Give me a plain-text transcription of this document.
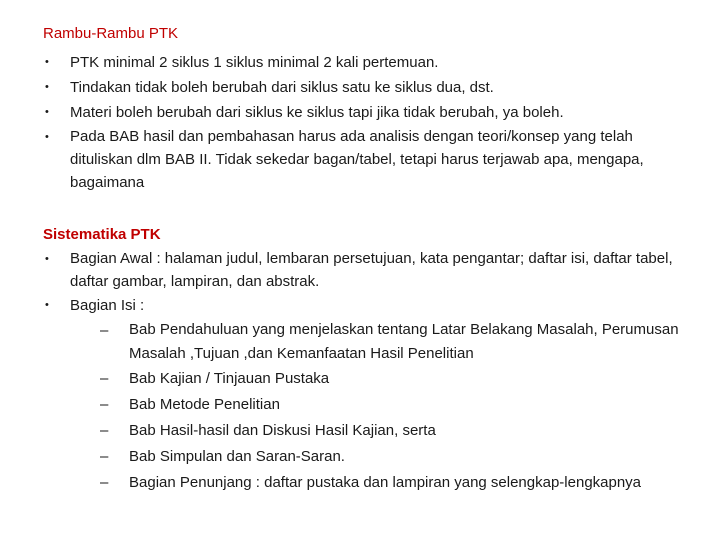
Rambu-Rambu PTK
• PTK minimal 2 siklus 1 siklus minimal 2 kali pertemuan.
• Tindakan tidak boleh berubah dari siklus satu ke siklus dua, dst.
• Materi boleh berubah dari siklus ke siklus tapi jika tidak berubah, ya boleh.
• Pada BAB hasil dan pembahasan harus ada analisis dengan teori/konsep yang telah dituliskan dlm BAB II. Tidak sekedar bagan/tabel, tetapi harus terjawab apa, mengapa, bagaimana
Sistematika PTK
• Bagian Awal : halaman judul, lembaran persetujuan, kata pengantar; daftar isi, daftar tabel, daftar gambar, lampiran, dan abstrak.
• Bagian Isi :
– Bab Pendahuluan yang menjelaskan tentang Latar Belakang Masalah, Perumusan Masalah ,Tujuan ,dan Kemanfaatan Hasil Penelitian
– Bab Kajian / Tinjauan Pustaka
– Bab Metode Penelitian
– Bab Hasil-hasil dan Diskusi Hasil Kajian, serta
– Bab Simpulan dan Saran-Saran.
– Bagian Penunjang : daftar pustaka dan lampiran yang selengkap-lengkapnya
